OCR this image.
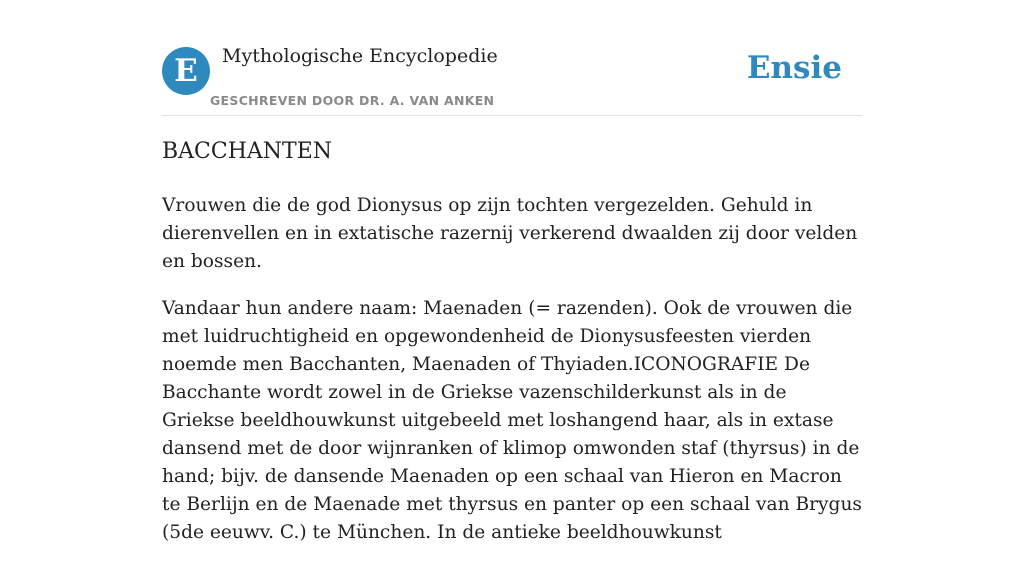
E	Mythologische Encyclopedie
GESCHREVEN DOOR DR. A. VAN ANKEN
Ensie
BACCHANTEN

Vrouwen die de god Dionysus op zijn tochten vergezelden. Gehuld in dierenvellen en in extatische razernij verkerend dwaalden zij door velden en bossen.

Vandaar hun andere naam: Maenaden (= razenden). Ook de vrouwen die met luidruchtigheid en opgewondenheid de Dionysusfeesten vierden noemde men Bacchanten, Maenaden of Thyiaden.ICONOGRAFIE De Bacchante wordt zowel in de Griekse vazenschilderkunst als in de Griekse beeldhouwkunst uitgebeeld met loshangend haar, als in extase dansend met de door wijnranken of klimop omwonden staf (thyrsus) in de hand; bijv. de dansende Maenaden op een schaal van Hieron en Macron te Berlijn en de Maenade met thyrsus en panter op een schaal van Brygus (5de eeuwv. C.) te München. In de antieke beeldhouwkunst
